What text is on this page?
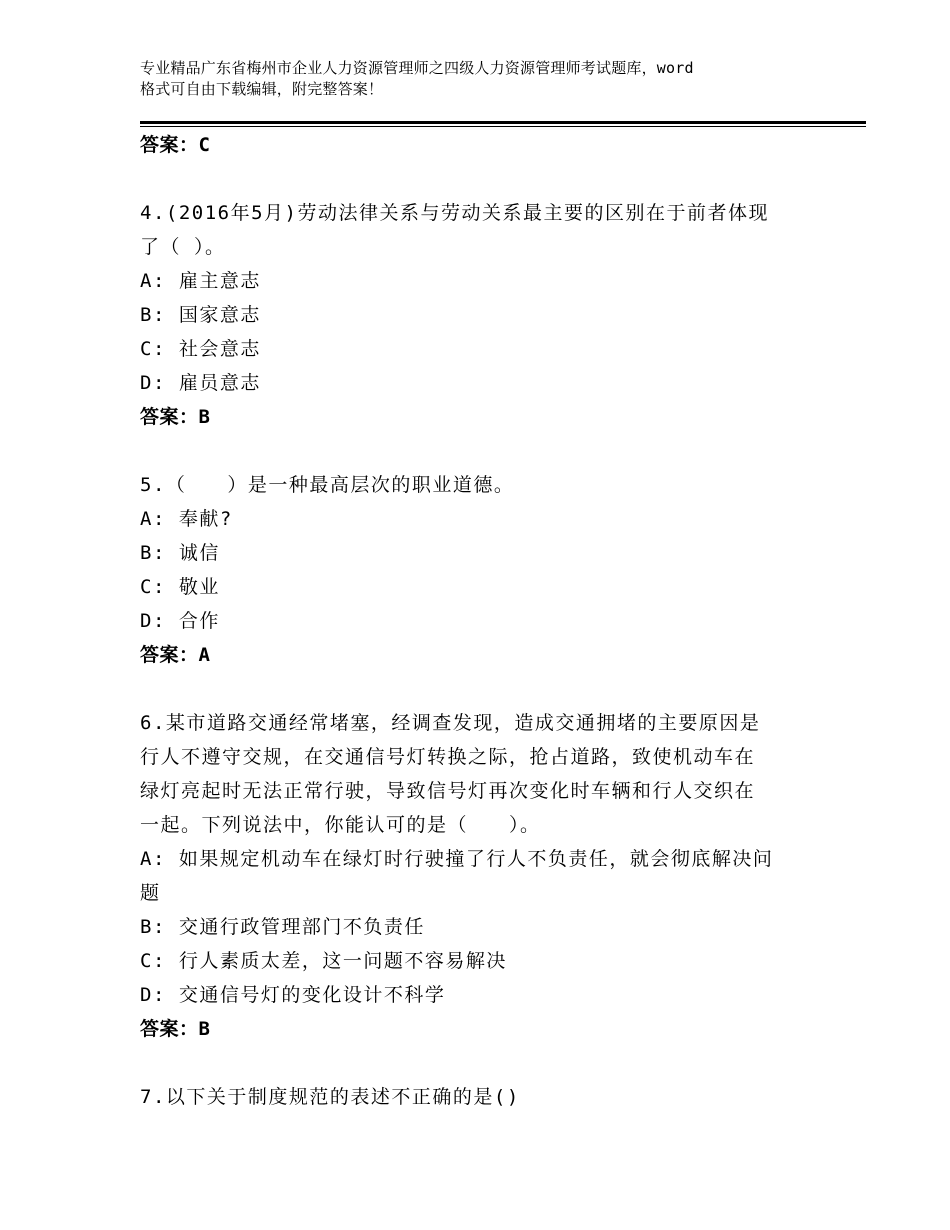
专业精品广东省梅州市企业人力资源管理师之四级人力资源管理师考试题库，word
格式可自由下载编辑，附完整答案！
答案：C
4.(2016年5月)劳动法律关系与劳动关系最主要的区别在于前者体现
了（ ）。
A: 雇主意志
B: 国家意志
C: 社会意志
D: 雇员意志
答案：B
5.（　　）是一种最高层次的职业道德。
A: 奉献?
B: 诚信
C: 敬业
D: 合作
答案：A
6.某市道路交通经常堵塞，经调查发现，造成交通拥堵的主要原因是
行人不遵守交规，在交通信号灯转换之际，抢占道路，致使机动车在
绿灯亮起时无法正常行驶，导致信号灯再次变化时车辆和行人交织在
一起。下列说法中，你能认可的是（　　）。
A: 如果规定机动车在绿灯时行驶撞了行人不负责任，就会彻底解决问
题
B: 交通行政管理部门不负责任
C: 行人素质太差，这一问题不容易解决
D: 交通信号灯的变化设计不科学
答案：B
7.以下关于制度规范的表述不正确的是()
